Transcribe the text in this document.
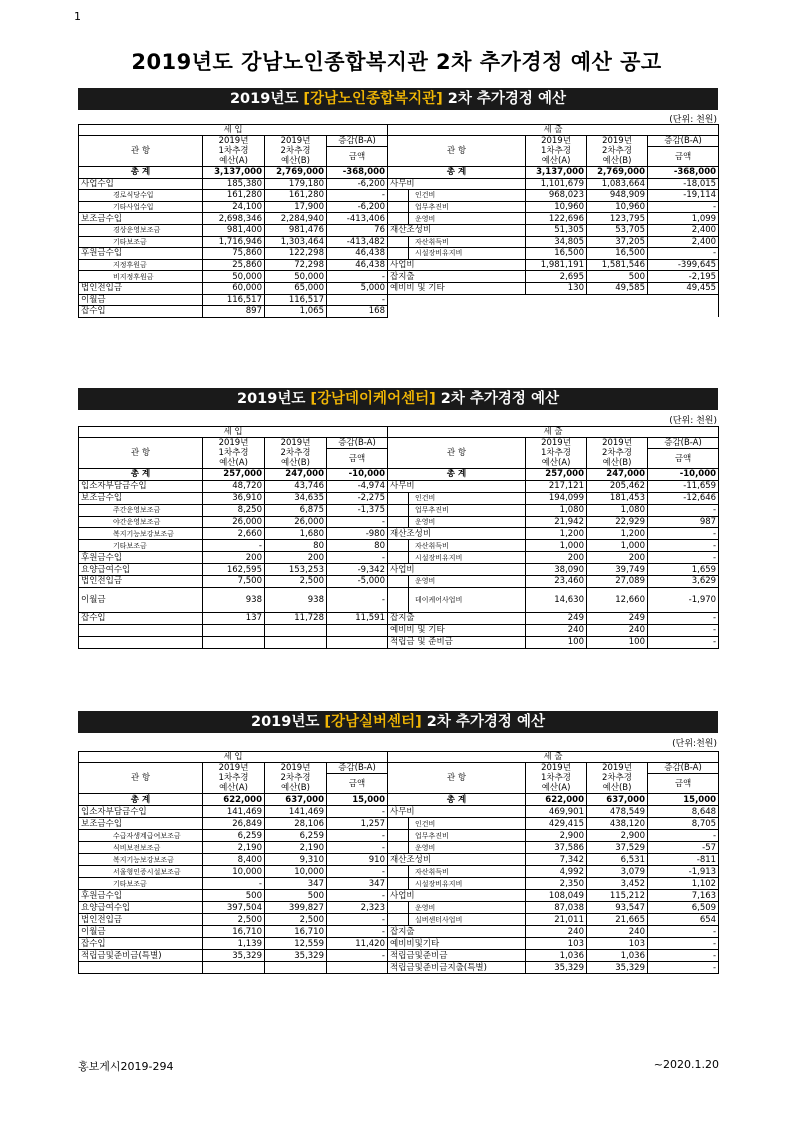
1
2019년도 강남노인종합복지관 2차 추가경정 예산 공고
2019년도 [강남노인종합복지관] 2차 추가경정 예산
(단위: 천원)
세 입				세 출				
관 항	2019년
1차추경
예산(A)	2019년
2차추경
예산(B)	증감(B-A)	관 항		2019년
1차추경
예산(A)	2019년
2차추경
예산(B)	증감(B-A)
			금액					금액
총 계	3,137,000	2,769,000	-368,000	총 계		3,137,000	2,769,000	-368,000
사업수입	185,380	179,180	-6,200	사무비		1,101,679	1,083,664	-18,015
경로식당수입	161,280	161,280	-		인건비	968,023	948,909	-19,114
기타사업수입	24,100	17,900	-6,200		업무추진비	10,960	10,960	-
보조금수입	2,698,346	2,284,940	-413,406		운영비	122,696	123,795	1,099
경상운영보조금	981,400	981,476	76	재산조성비		51,305	53,705	2,400
기타보조금	1,716,946	1,303,464	-413,482		자산취득비	34,805	37,205	2,400
후원금수입	75,860	122,298	46,438		시설장비유지비	16,500	16,500	-
지정후원금	25,860	72,298	46,438	사업비		1,981,191	1,581,546	-399,645
비지정후원금	50,000	50,000	-	잡지출		2,695	500	-2,195
법인전입금	60,000	65,000	5,000	예비비 및 기타		130	49,585	49,455
이월금	116,517	116,517	-					
잡수입	897	1,065	168					
2019년도 [강남데이케어센터] 2차 추가경정 예산
(단위: 천원)
세 입				세 출				
관 항	2019년
1차추경
예산(A)	2019년
2차추경
예산(B)	증감(B-A)	관 항		2019년
1차추경
예산(A)	2019년
2차추경
예산(B)	증감(B-A)
			금액					금액
총 계	257,000	247,000	-10,000	총 계		257,000	247,000	-10,000
입소자부담금수입	48,720	43,746	-4,974	사무비		217,121	205,462	-11,659
보조금수입	36,910	34,635	-2,275		인건비	194,099	181,453	-12,646
주간운영보조금	8,250	6,875	-1,375		업무추진비	1,080	1,080	-
야간운영보조금	26,000	26,000	-		운영비	21,942	22,929	987
복지기능보강보조금	2,660	1,680	-980	재산조성비		1,200	1,200	-
기타보조금	-	80	80		자산취득비	1,000	1,000	-
후원금수입	200	200	-		시설장비유지비	200	200	-
요양급여수입	162,595	153,253	-9,342	사업비		38,090	39,749	1,659
법인전입금	7,500	2,500	-5,000		운영비	23,460	27,089	3,629
이월금	938	938	-		데이케어사업비	14,630	12,660	-1,970
잡수입	137	11,728	11,591	잡지출		249	249	-
				예비비 및 기타		240	240	-
				적립금 및 준비금		100	100	-
2019년도 [강남실버센터] 2차 추가경정 예산
(단위:천원)
세 입				세 출				
관 항	2019년
1차추경
예산(A)	2019년
2차추경
예산(B)	증감(B-A)	관 항		2019년
1차추경
예산(A)	2019년
2차추경
예산(B)	증감(B-A)
			금액					금액
총 계	622,000	637,000	15,000	총 계		622,000	637,000	15,000
입소자부담금수입	141,469	141,469	-	사무비		469,901	478,549	8,648
보조금수입	26,849	28,106	1,257		인건비	429,415	438,120	8,705
수급자생계급여보조금	6,259	6,259	-		업무추진비	2,900	2,900	-
식비보전보조금	2,190	2,190	-		운영비	37,586	37,529	-57
복지기능보강보조금	8,400	9,310	910	재산조성비		7,342	6,531	-811
서울형인증시설보조금	10,000	10,000	-		자산취득비	4,992	3,079	-1,913
기타보조금	-	347	347		시설장비유지비	2,350	3,452	1,102
후원금수입	500	500	-	사업비		108,049	115,212	7,163
요양급여수입	397,504	399,827	2,323		운영비	87,038	93,547	6,509
법인전입금	2,500	2,500	-		실버센터사업비	21,011	21,665	654
이월금	16,710	16,710	-	잡지출		240	240	-
잡수입	1,139	12,559	11,420	예비비및기타		103	103	-
적립금및준비금(특별)	35,329	35,329	-	적립금및준비금		1,036	1,036	-
				적립금및준비금지출(특별)		35,329	35,329	-
홍보게시2019-294	~2020.1.20
